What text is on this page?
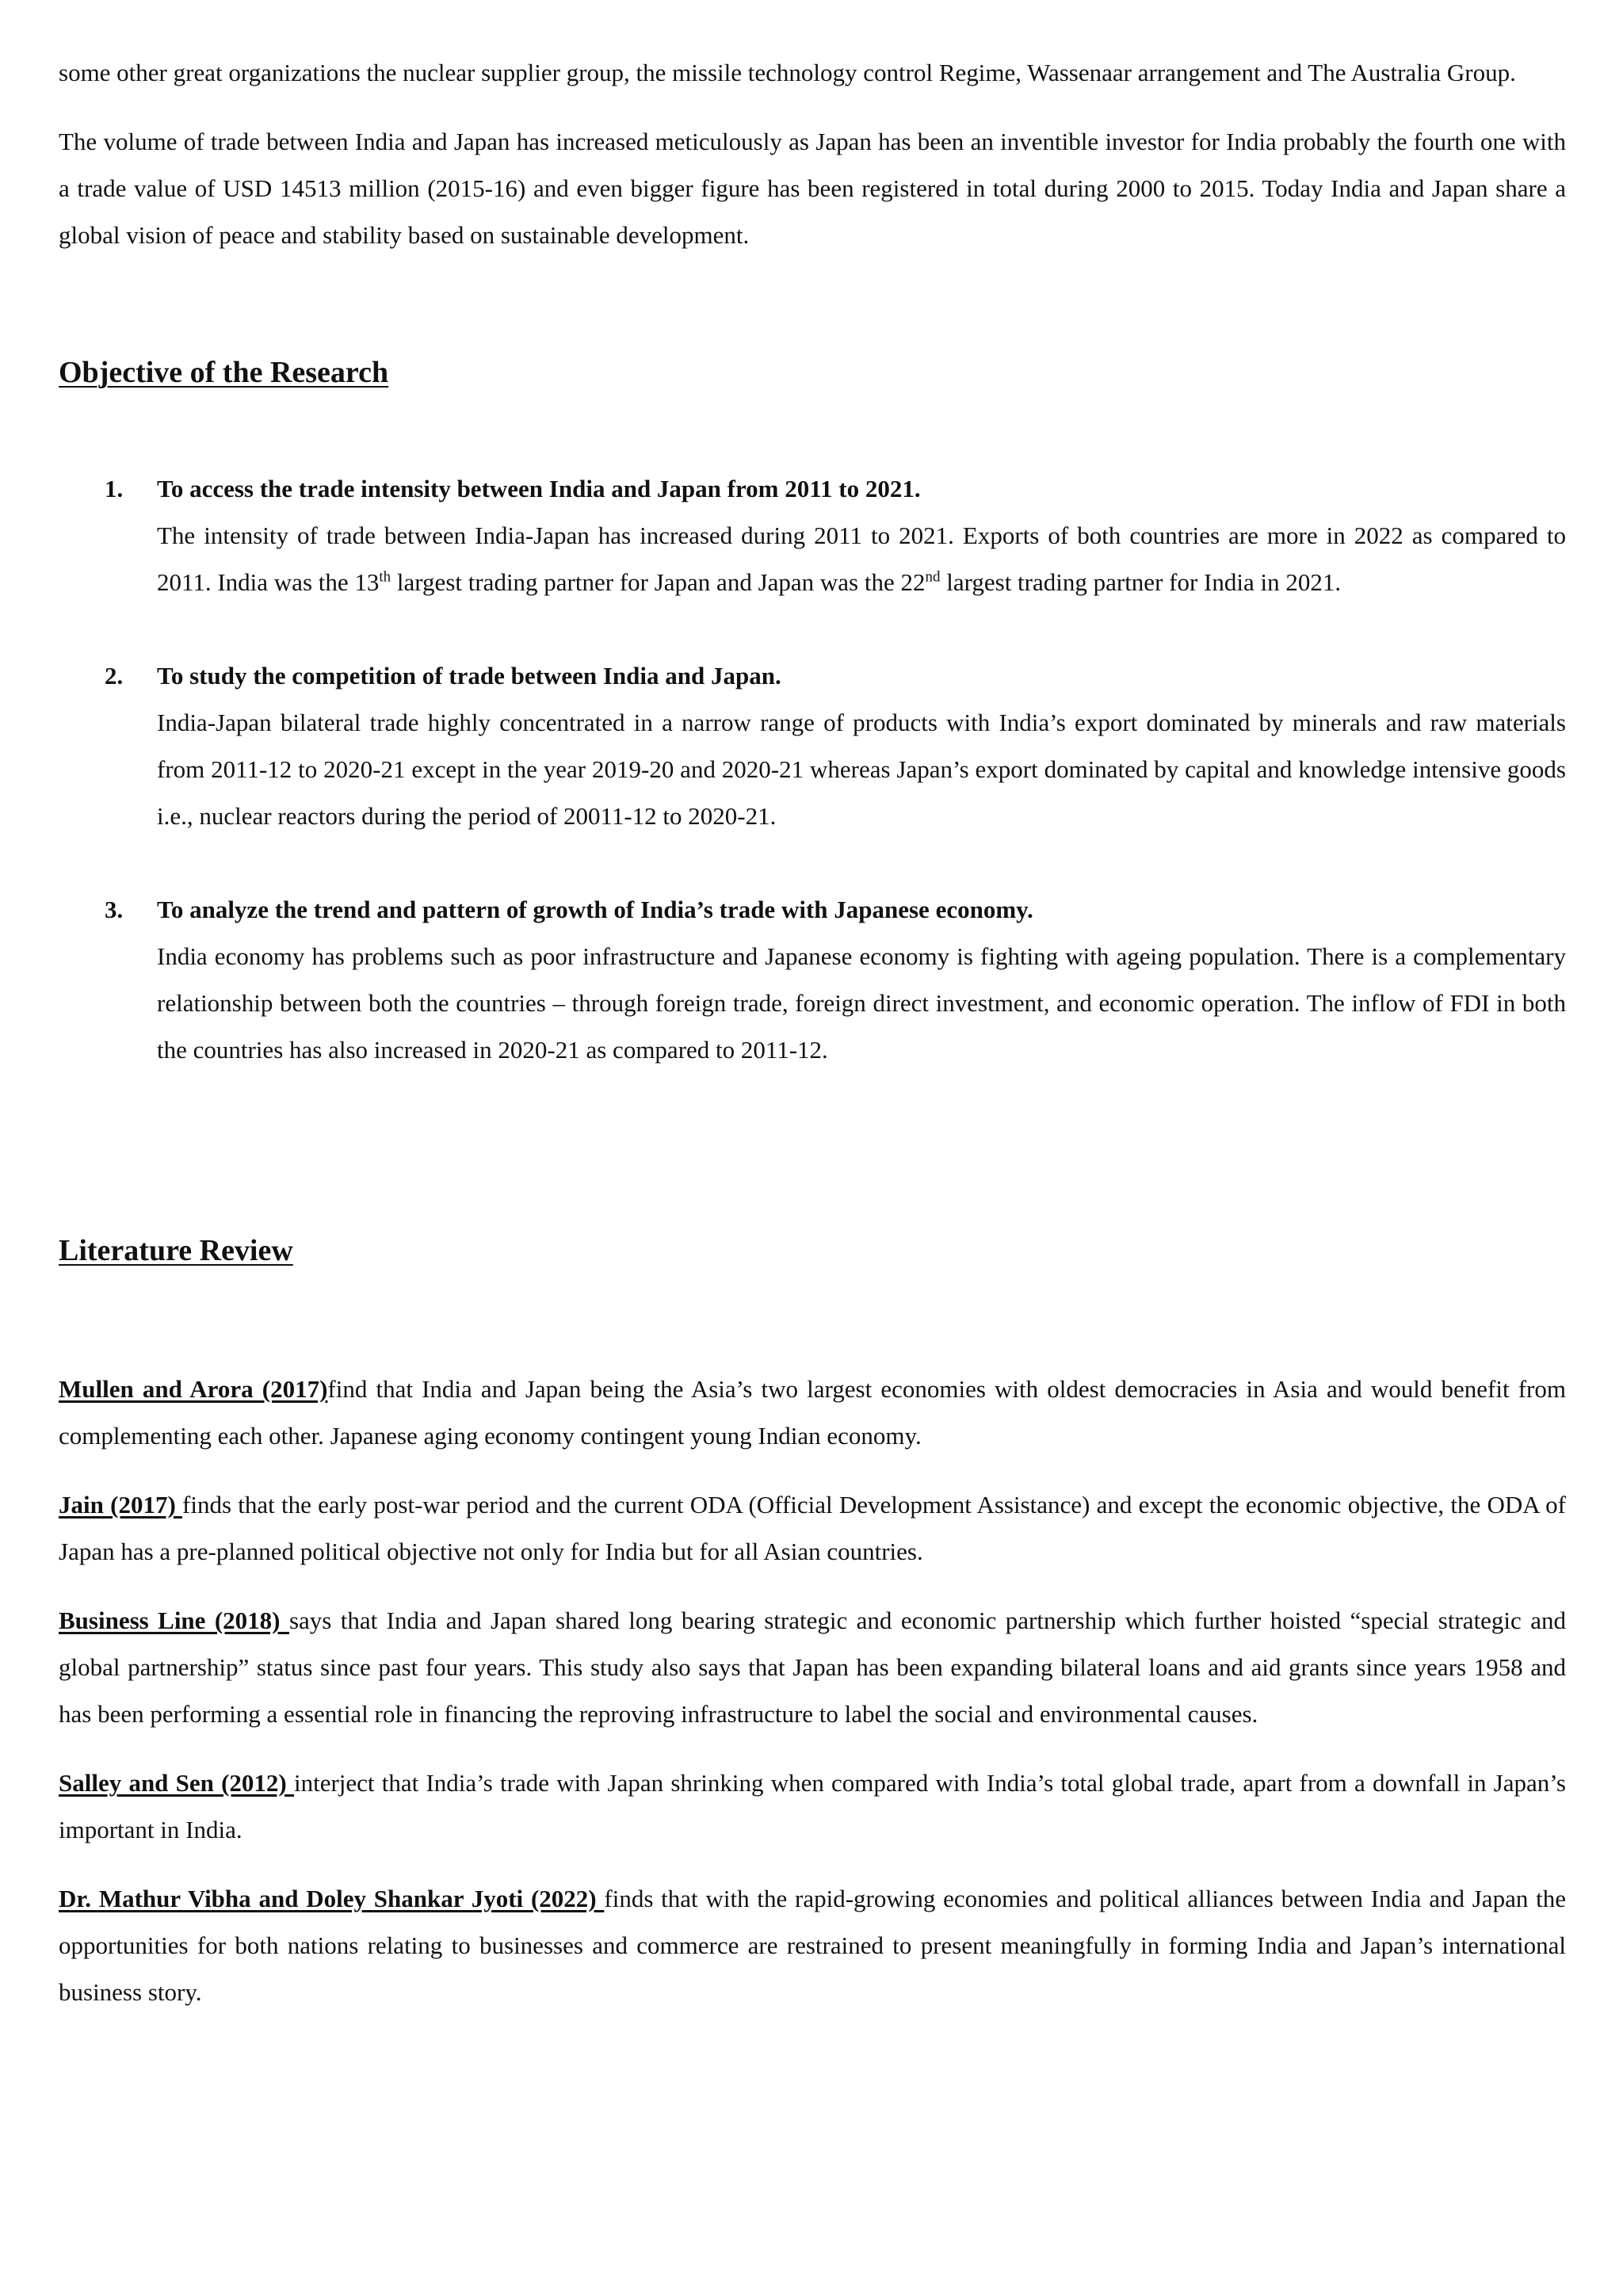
some other great organizations the nuclear supplier group, the missile technology control Regime, Wassenaar arrangement and The Australia Group.

The volume of trade between India and Japan has increased meticulously as Japan has been an inventible investor for India probably the fourth one with a trade value of USD 14513 million (2015-16) and even bigger figure has been registered in total during 2000 to 2015. Today India and Japan share a global vision of peace and stability based on sustainable development.

Objective of the Research
1. To access the trade intensity between India and Japan from 2011 to 2021.

The intensity of trade between India-Japan has increased during 2011 to 2021. Exports of both countries are more in 2022 as compared to 2011. India was the 13th largest trading partner for Japan and Japan was the 22nd largest trading partner for India in 2021.

2. To study the competition of trade between India and Japan.

India-Japan bilateral trade highly concentrated in a narrow range of products with India’s export dominated by minerals and raw materials from 2011-12 to 2020-21 except in the year 2019-20 and 2020-21 whereas Japan’s export dominated by capital and knowledge intensive goods i.e., nuclear reactors during the period of 20011-12 to 2020-21.

3. To analyze the trend and pattern of growth of India’s trade with Japanese economy.

India economy has problems such as poor infrastructure and Japanese economy is fighting with ageing population. There is a complementary relationship between both the countries – through foreign trade, foreign direct investment, and economic operation. The inflow of FDI in both the countries has also increased in 2020-21 as compared to 2011-12.

Literature Review

Mullen and Arora (2017)find that India and Japan being the Asia’s two largest economies with oldest democracies in Asia and would benefit from complementing each other. Japanese aging economy contingent young Indian economy.

Jain (2017) finds that the early post-war period and the current ODA (Official Development Assistance) and except the economic objective, the ODA of Japan has a pre-planned political objective not only for India but for all Asian countries.

Business Line (2018) says that India and Japan shared long bearing strategic and economic partnership which further hoisted “special strategic and global partnership” status since past four years. This study also says that Japan has been expanding bilateral loans and aid grants since years 1958 and has been performing a essential role in financing the reproving infrastructure to label the social and environmental causes.

Salley and Sen (2012) interject that India’s trade with Japan shrinking when compared with India’s total global trade, apart from a downfall in Japan’s important in India.

Dr. Mathur Vibha and Doley Shankar Jyoti (2022) finds that with the rapid-growing economies and political alliances between India and Japan the opportunities for both nations relating to businesses and commerce are restrained to present meaningfully in forming India and Japan’s international business story.
